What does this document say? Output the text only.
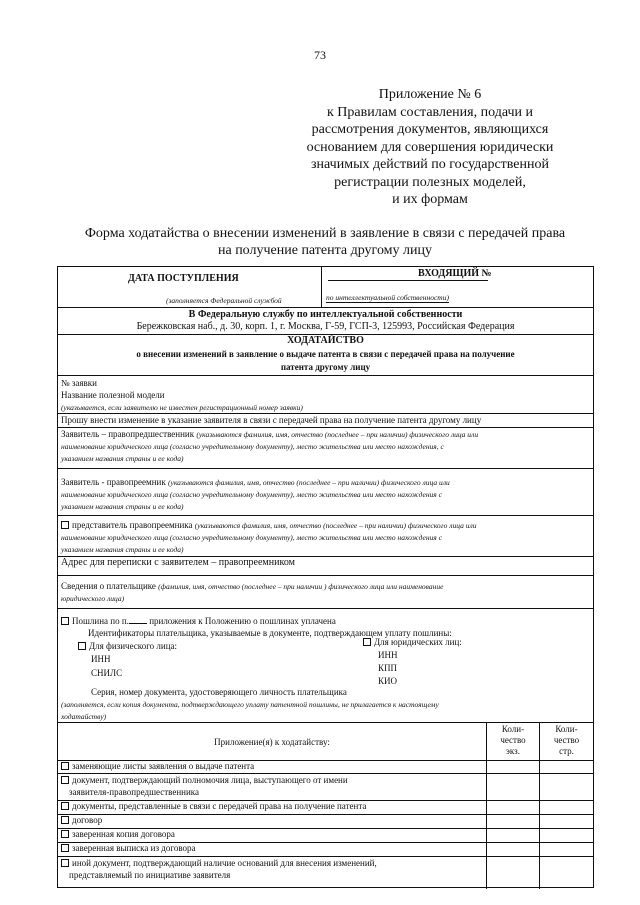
73
Приложение № 6
к Правилам составления, подачи и
рассмотрения документов, являющихся
основанием для совершения юридически
значимых действий по государственной
регистрации полезных моделей,
и их формам
Форма ходатайства о внесении изменений в заявление в связи с передачей права
на получение патента другому лицу
ДАТА ПОСТУПЛЕНИЯ	ВХОДЯЩИЙ №
(заполняется Федеральной службой	по интеллектуальной собственности)
В Федеральную службу по интеллектуальной собственности
Бережковская наб., д. 30, корп. 1, г. Москва, Г-59, ГСП-3, 125993, Российская Федерация
ХОДАТАЙСТВО
о внесении изменений в заявление о выдаче патента в связи с передачей права на получение
патента другому лицу
№ заявки
Название полезной модели
(указывается, если заявителю не известен регистрационный номер заявки)
Прошу внести изменение в указание заявителя в связи с передачей права на получение патента другому лицу
Заявитель – правопредшественник (указываются фамилия, имя, отчество (последнее – при наличии) физического лица или
наименование юридического лица (согласно учредительному документу), место жительства или место нахождения, с
указанием названия страны и ее кода)
Заявитель - правопреемник (указываются фамилия, имя, отчество (последнее – при наличии) физического лица или
наименование юридического лица (согласно учредительному документу), место жительства или место нахождения с
указанием названия страны и ее кода)
представитель правопреемника (указываются фамилия, имя, отчество (последнее – при наличии) физического лица или
наименование юридического лица (согласно учредительному документу), место жительства или место нахождения с
указанием названия страны и ее кода)
Адрес для переписки с заявителем – правопреемником
Сведения о плательщике (фамилия, имя, отчество (последнее – при наличии ) физического лица или наименование
юридического лица)
Пошлина по п. приложения к Положению о пошлинах уплачена
Идентификаторы плательщика, указываемые в документе, подтверждающем уплату пошлины:
Для физического лица:
ИНН
СНИЛС
Для юридических лиц:
ИНН
КПП
КИО
Серия, номер документа, удостоверяющего личность плательщика
(заполняется, если копия документа, подтверждающего уплату патентной пошлины, не прилагается к настоящему
ходатайству)
Приложение(я) к ходатайству:
Коли-
чество
экз.
Коли-
чество
стр.
заменяющие листы заявления о выдаче патента
документ, подтверждающий полномочия лица, выступающего от имени
заявителя-правопредшественника
документы, представленные в связи с передачей права на получение патента
договор
заверенная копия договора
заверенная выписка из договора
иной документ, подтверждающий наличие оснований для внесения изменений,
представляемый по инициативе заявителя
